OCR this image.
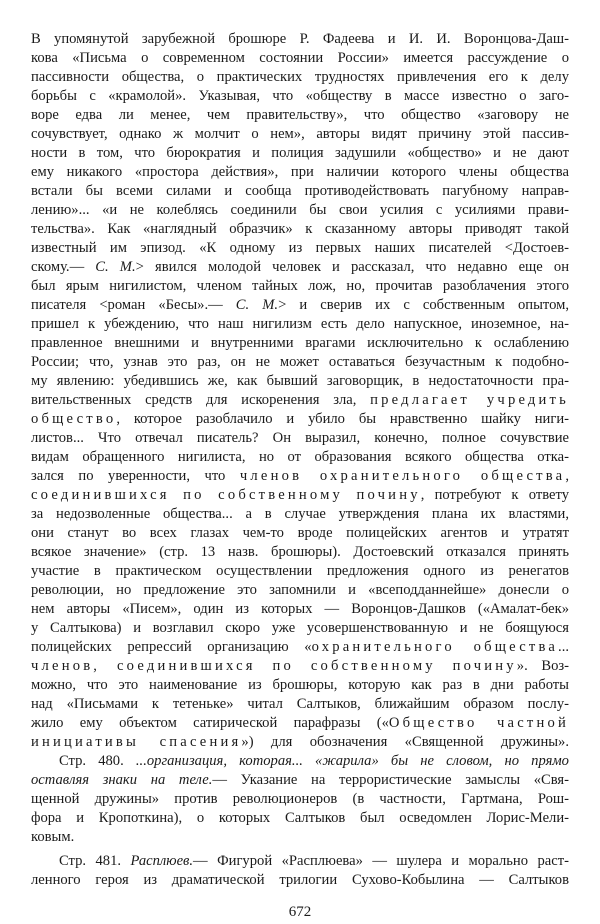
В упомянутой зарубежной брошюре Р. Фадеева и И. И. Воронцова-Даш-
кова «Письма о современном состоянии России» имеется рассуждение о
пассивности общества, о практических трудностях привлечения его к делу
борьбы с «крамолой». Указывая, что «обществу в массе известно о заго-
воре едва ли менее, чем правительству», что общество «заговору не
сочувствует, однако ж молчит о нем», авторы видят причину этой пассив-
ности в том, что бюрократия и полиция задушили «общество» и не дают
ему никакого «простора действия», при наличии которого члены общества
встали бы всеми силами и сообща противодействовать пагубному направ-
лению»... «и не колеблясь соединили бы свои усилия с усилиями прави-
тельства». Как «наглядный образчик» к сказанному авторы приводят такой
известный им эпизод. «К одному из первых наших писателей <Достоев-
скому.— С. М.> явился молодой человек и рассказал, что недавно еще он
был ярым нигилистом, членом тайных лож, но, прочитав разоблачения этого
писателя <роман «Бесы».— С. М.> и сверив их с собственным опытом,
пришел к убеждению, что наш нигилизм есть дело напускное, иноземное, на-
правленное внешними и внутренними врагами исключительно к ослаблению
России; что, узнав это раз, он не может оставаться безучастным к подобно-
му явлению: убедившись же, как бывший заговорщик, в недостаточности пра-
вительственных средств для искоренения зла, предлагает учредить
общество, которое разоблачило и убило бы нравственно шайку ниги-
листов... Что отвечал писатель? Он выразил, конечно, полное сочувствие
видам обращенного нигилиста, но от образования всякого общества отка-
зался по уверенности, что членов охранительного общества,
соединившихся по собственному почину, потребуют к ответу
за недозволенные общества... а в случае утверждения плана их властями,
они станут во всех глазах чем-то вроде полицейских агентов и утратят
всякое значение» (стр. 13 назв. брошюры). Достоевский отказался принять
участие в практическом осуществлении предложения одного из ренегатов
революции, но предложение это запомнили и «всеподданнейше» донесли о
нем авторы «Писем», один из которых — Воронцов-Дашков («Амалат-бек»
у Салтыкова) и возглавил скоро уже усовершенствованную и не боящуюся
полицейских репрессий организацию «охранительного общества...
членов, соединившихся по собственному почину». Воз-
можно, что это наименование из брошюры, которую как раз в дни работы
над «Письмами к тетеньке» читал Салтыков, ближайшим образом послу-
жило ему объектом сатирической парафразы («Общество частной
инициативы спасения») для обозначения «Священной дружины».
Стр. 480. ...организация, которая... «жарила» бы не словом, но прямо
оставляя знаки на теле.— Указание на террористические замыслы «Свя-
щенной дружины» против революционеров (в частности, Гартмана, Рош-
фора и Кропоткина), о которых Салтыков был осведомлен Лорис-Мели-
ковым.
Стр. 481. Расплюев.— Фигурой «Расплюева» — шулера и морально раст-
ленного героя из драматической трилогии Сухово-Кобылина — Салтыков
672
